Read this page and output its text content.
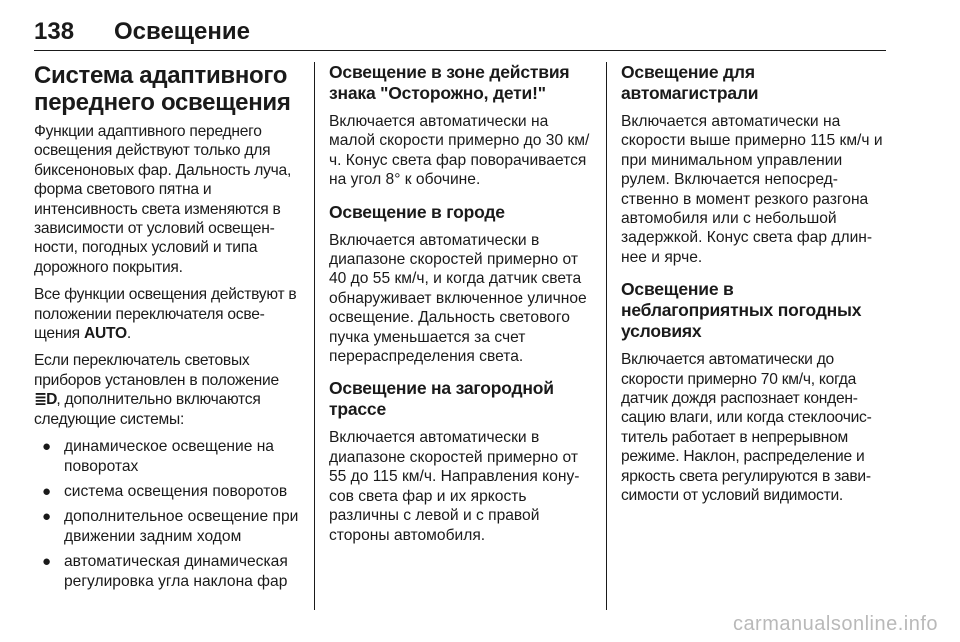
138	Освещение
Система адаптивного переднего освещения

Функции адаптивного переднего освещения действуют только для биксеноновых фар. Дальность луча, форма светового пятна и интенсивность света изменяются в зависимости от условий освещенности, погодных условий и типа дорожного покрытия.

Все функции освещения действуют в положении переключателя освещения AUTO.

Если переключатель световых приборов установлен в положение ≣D, дополнительно включаются следующие системы:

● динамическое освещение на поворотах
● система освещения поворотов
● дополнительное освещение при движении задним ходом
● автоматическая динамическая регулировка угла наклона фар
Освещение в зоне действия знака "Осторожно, дети!"

Включается автоматически на малой скорости примерно до 30 км/ч. Конус света фар поворачивается на угол 8° к обочине.

Освещение в городе

Включается автоматически в диапазоне скоростей примерно от 40 до 55 км/ч, и когда датчик света обнаруживает включенное уличное освещение. Дальность светового пучка уменьшается за счет перераспределения света.

Освещение на загородной трассе

Включается автоматически в диапазоне скоростей примерно от 55 до 115 км/ч. Направления конусов света фар и их яркость различны с левой и с правой стороны автомобиля.

Освещение для автомагистрали

Включается автоматически на скорости выше примерно 115 км/ч и при минимальном управлении рулем. Включается непосредственно в момент резкого разгона автомобиля или с небольшой задержкой. Конус света фар длиннее и ярче.

Освещение в неблагоприятных погодных условиях

Включается автоматически до скорости примерно 70 км/ч, когда датчик дождя распознает конденсацию влаги, или когда стеклоочиститель работает в непрерывном режиме. Наклон, распределение и яркость света регулируются в зависимости от условий видимости.

carmanualsonline.info
